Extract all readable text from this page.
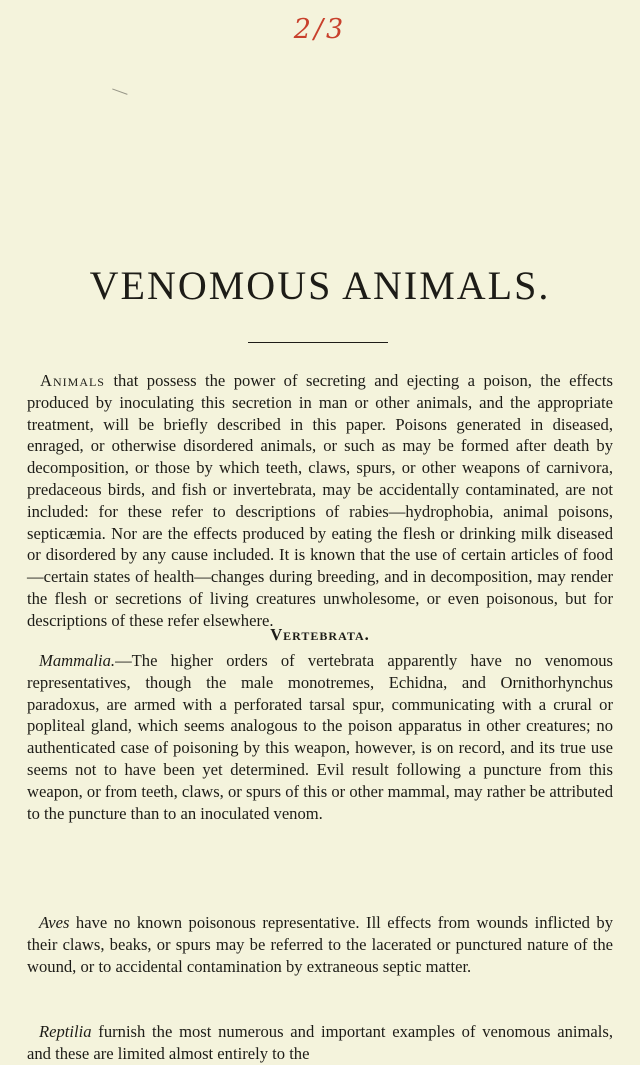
2/3
VENOMOUS ANIMALS.

Animals that possess the power of secreting and ejecting a poison, the effects produced by inoculating this secretion in man or other animals, and the appropriate treatment, will be briefly described in this paper. Poisons generated in diseased, enraged, or otherwise disordered animals, or such as may be formed after death by decomposition, or those by which teeth, claws, spurs, or other weapons of carnivora, predaceous birds, and fish or invertebrata, may be accidentally contaminated, are not included: for these refer to descriptions of rabies—hydrophobia, animal poisons, septicæmia. Nor are the effects produced by eating the flesh or drinking milk diseased or disordered by any cause included. It is known that the use of certain articles of food—certain states of health—changes during breeding, and in decomposition, may render the flesh or secretions of living creatures unwholesome, or even poisonous, but for descriptions of these refer elsewhere.

Vertebrata.

Mammalia.—The higher orders of vertebrata apparently have no venomous representatives, though the male monotremes, Echidna, and Ornithorhynchus paradoxus, are armed with a perforated tarsal spur, communicating with a crural or popliteal gland, which seems analogous to the poison apparatus in other creatures; no authenticated case of poisoning by this weapon, however, is on record, and its true use seems not to have been yet determined. Evil result following a puncture from this weapon, or from teeth, claws, or spurs of this or other mammal, may rather be attributed to the puncture than to an inoculated venom.

Aves have no known poisonous representative. Ill effects from wounds inflicted by their claws, beaks, or spurs may be referred to the lacerated or punctured nature of the wound, or to accidental contamination by extraneous septic matter.

Reptilia furnish the most numerous and important examples of venomous animals, and these are limited almost entirely to the
